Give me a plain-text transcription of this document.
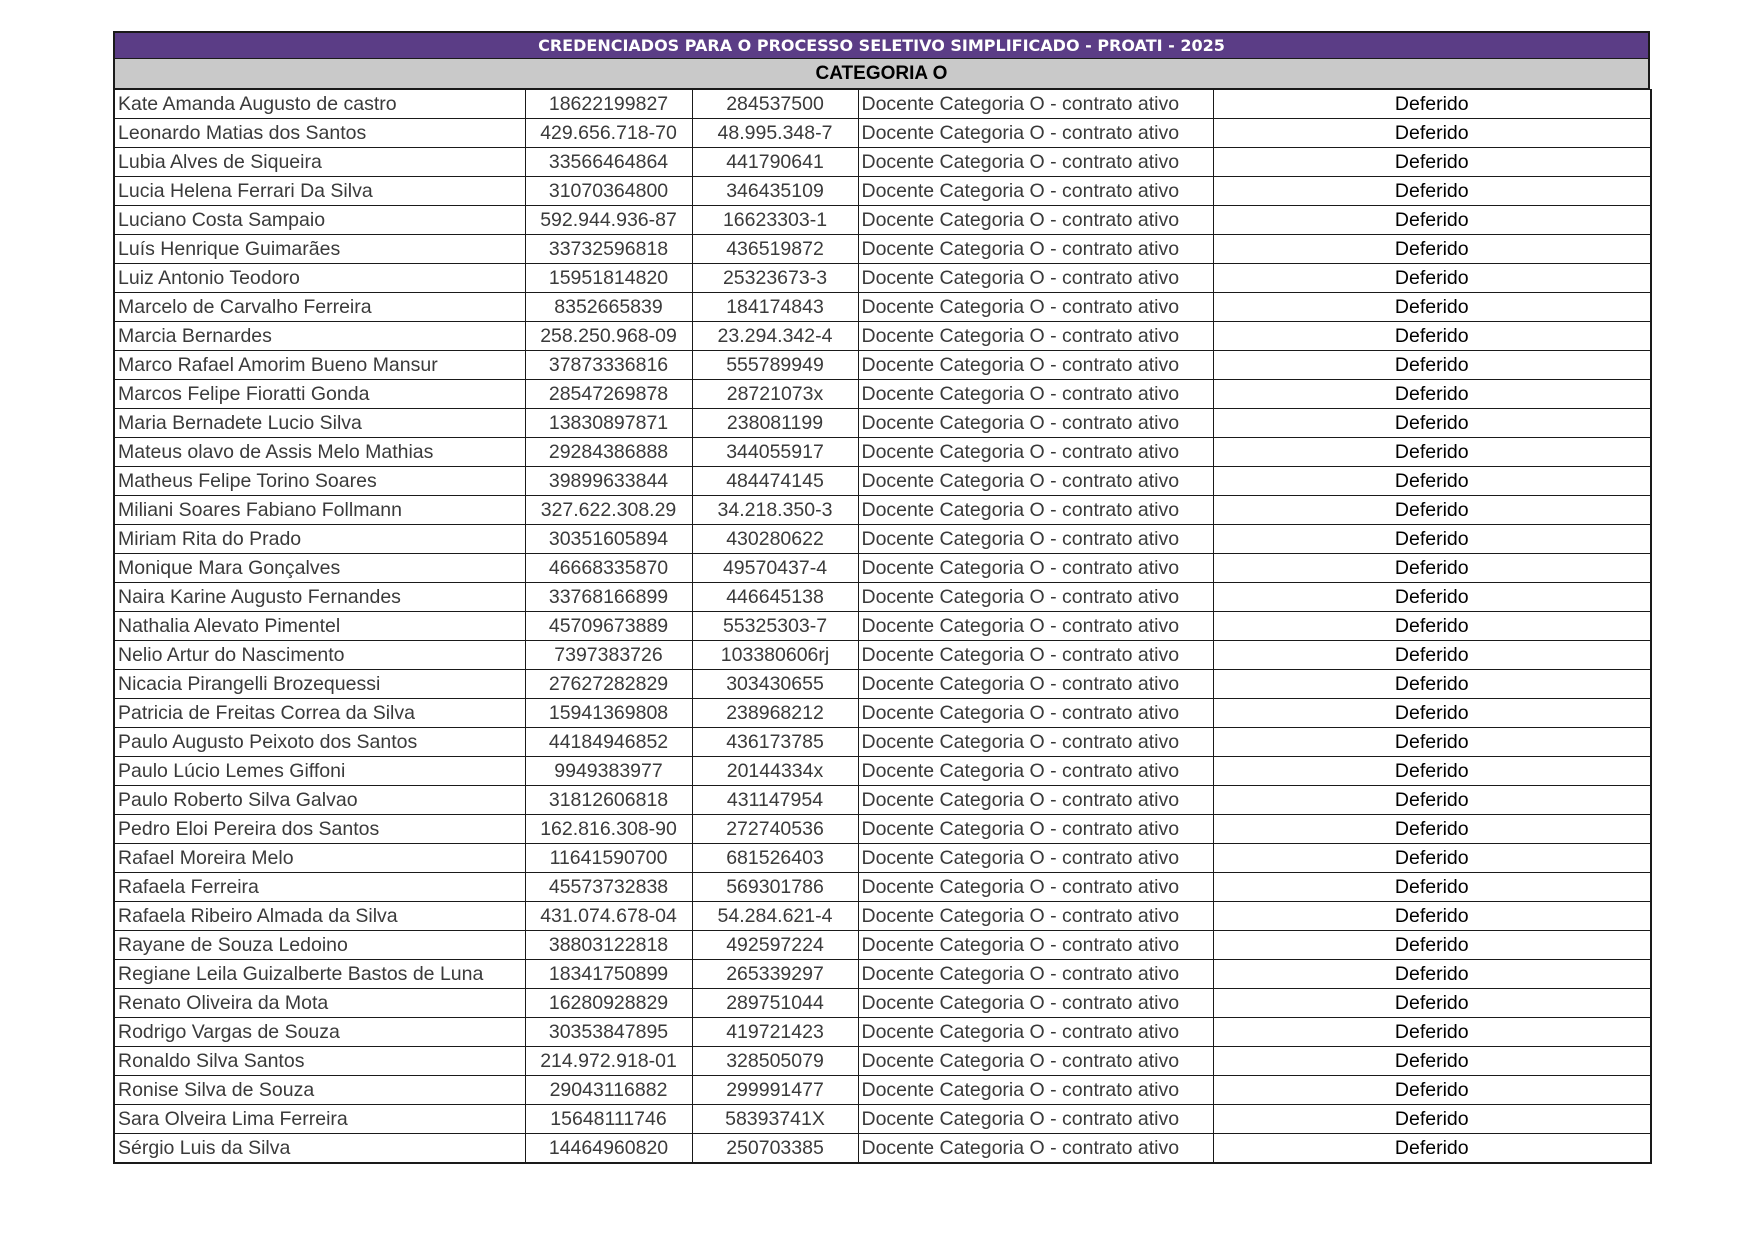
CREDENCIADOS PARA O PROCESSO SELETIVO SIMPLIFICADO - PROATI - 2025
CATEGORIA O
Kate Amanda Augusto de castro	18622199827	284537500	Docente Categoria O - contrato ativo	Deferido
Leonardo Matias dos Santos	429.656.718-70	48.995.348-7	Docente Categoria O - contrato ativo	Deferido
Lubia Alves de Siqueira	33566464864	441790641	Docente Categoria O - contrato ativo	Deferido
Lucia Helena Ferrari Da Silva	31070364800	346435109	Docente Categoria O - contrato ativo	Deferido
Luciano Costa Sampaio	592.944.936-87	16623303-1	Docente Categoria O - contrato ativo	Deferido
Luís Henrique Guimarães	33732596818	436519872	Docente Categoria O - contrato ativo	Deferido
Luiz Antonio Teodoro	15951814820	25323673-3	Docente Categoria O - contrato ativo	Deferido
Marcelo de Carvalho Ferreira	8352665839	184174843	Docente Categoria O - contrato ativo	Deferido
Marcia Bernardes	258.250.968-09	23.294.342-4	Docente Categoria O - contrato ativo	Deferido
Marco Rafael Amorim Bueno Mansur	37873336816	555789949	Docente Categoria O - contrato ativo	Deferido
Marcos Felipe Fioratti Gonda	28547269878	28721073x	Docente Categoria O - contrato ativo	Deferido
Maria Bernadete Lucio Silva	13830897871	238081199	Docente Categoria O - contrato ativo	Deferido
Mateus olavo de Assis Melo Mathias	29284386888	344055917	Docente Categoria O - contrato ativo	Deferido
Matheus Felipe Torino Soares	39899633844	484474145	Docente Categoria O - contrato ativo	Deferido
Miliani Soares Fabiano Follmann	327.622.308.29	34.218.350-3	Docente Categoria O - contrato ativo	Deferido
Miriam Rita do Prado	30351605894	430280622	Docente Categoria O - contrato ativo	Deferido
Monique Mara Gonçalves	46668335870	49570437-4	Docente Categoria O - contrato ativo	Deferido
Naira Karine Augusto Fernandes	33768166899	446645138	Docente Categoria O - contrato ativo	Deferido
Nathalia Alevato Pimentel	45709673889	55325303-7	Docente Categoria O - contrato ativo	Deferido
Nelio Artur do Nascimento	7397383726	103380606rj	Docente Categoria O - contrato ativo	Deferido
Nicacia Pirangelli Brozequessi	27627282829	303430655	Docente Categoria O - contrato ativo	Deferido
Patricia de Freitas Correa da Silva	15941369808	238968212	Docente Categoria O - contrato ativo	Deferido
Paulo Augusto Peixoto dos Santos	44184946852	436173785	Docente Categoria O - contrato ativo	Deferido
Paulo Lúcio Lemes Giffoni	9949383977	20144334x	Docente Categoria O - contrato ativo	Deferido
Paulo Roberto Silva Galvao	31812606818	431147954	Docente Categoria O - contrato ativo	Deferido
Pedro Eloi Pereira dos Santos	162.816.308-90	272740536	Docente Categoria O - contrato ativo	Deferido
Rafael Moreira Melo	11641590700	681526403	Docente Categoria O - contrato ativo	Deferido
Rafaela Ferreira	45573732838	569301786	Docente Categoria O - contrato ativo	Deferido
Rafaela Ribeiro Almada da Silva	431.074.678-04	54.284.621-4	Docente Categoria O - contrato ativo	Deferido
Rayane de Souza Ledoino	38803122818	492597224	Docente Categoria O - contrato ativo	Deferido
Regiane Leila Guizalberte Bastos de Luna	18341750899	265339297	Docente Categoria O - contrato ativo	Deferido
Renato Oliveira da Mota	16280928829	289751044	Docente Categoria O - contrato ativo	Deferido
Rodrigo Vargas de Souza	30353847895	419721423	Docente Categoria O - contrato ativo	Deferido
Ronaldo Silva Santos	214.972.918-01	328505079	Docente Categoria O - contrato ativo	Deferido
Ronise Silva de Souza	29043116882	299991477	Docente Categoria O - contrato ativo	Deferido
Sara Olveira Lima Ferreira	15648111746	58393741X	Docente Categoria O - contrato ativo	Deferido
Sérgio Luis da Silva	14464960820	250703385	Docente Categoria O - contrato ativo	Deferido
